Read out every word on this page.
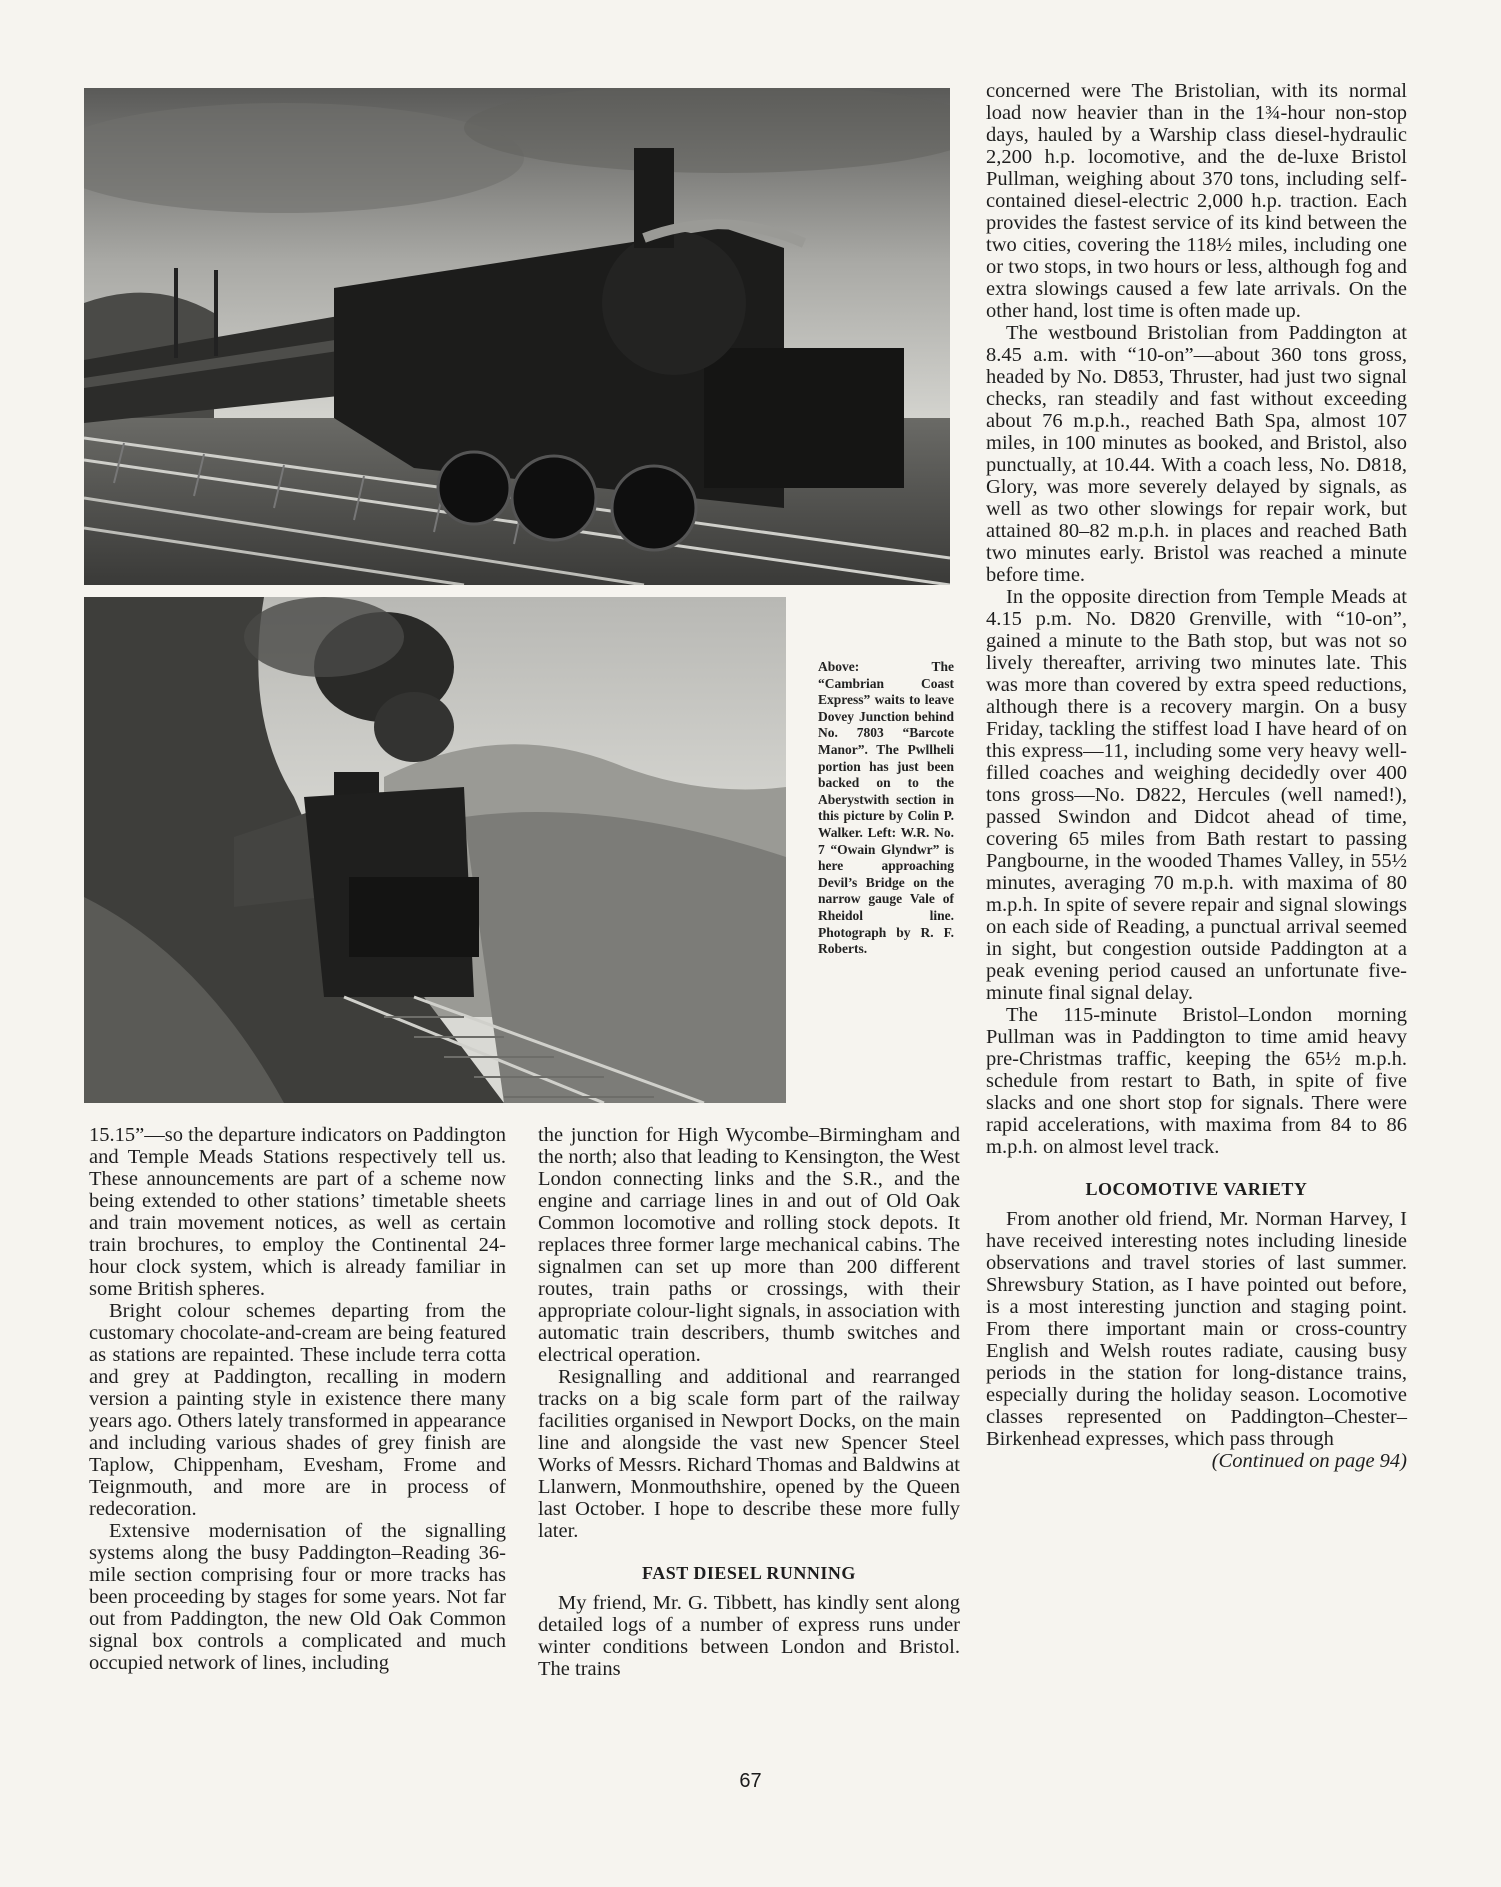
Above: The “Cambrian Coast Express” waits to leave Dovey Junction behind No. 7803 “Barcote Manor”. The Pwllheli portion has just been backed on to the Aberystwith section in this picture by Colin P. Walker. Left: W.R. No. 7 “Owain Glyndwr” is here approaching Devil’s Bridge on the narrow gauge Vale of Rheidol line. Photograph by R. F. Roberts.

15.15”—so the departure indicators on Paddington and Temple Meads Stations respectively tell us. These announcements are part of a scheme now being extended to other stations’ timetable sheets and train movement notices, as well as certain train brochures, to employ the Continental 24-hour clock system, which is already familiar in some British spheres.

Bright colour schemes departing from the customary chocolate-and-cream are being featured as stations are repainted. These include terra cotta and grey at Paddington, recalling in modern version a painting style in existence there many years ago. Others lately transformed in appearance and including various shades of grey finish are Taplow, Chippenham, Evesham, Frome and Teignmouth, and more are in process of redecoration.

Extensive modernisation of the signalling systems along the busy Paddington–Reading 36-mile section comprising four or more tracks has been proceeding by stages for some years. Not far out from Paddington, the new Old Oak Common signal box controls a complicated and much occupied network of lines, including

the junction for High Wycombe–Birmingham and the north; also that leading to Kensington, the West London connecting links and the S.R., and the engine and carriage lines in and out of Old Oak Common locomotive and rolling stock depots. It replaces three former large mechanical cabins. The signalmen can set up more than 200 different routes, train paths or crossings, with their appropriate colour-light signals, in association with automatic train describers, thumb switches and electrical operation.

Resignalling and additional and rearranged tracks on a big scale form part of the railway facilities organised in Newport Docks, on the main line and alongside the vast new Spencer Steel Works of Messrs. Richard Thomas and Baldwins at Llanwern, Monmouthshire, opened by the Queen last October. I hope to describe these more fully later.

FAST DIESEL RUNNING

My friend, Mr. G. Tibbett, has kindly sent along detailed logs of a number of express runs under winter conditions between London and Bristol. The trains

concerned were The Bristolian, with its normal load now heavier than in the 1¾-hour non-stop days, hauled by a Warship class diesel-hydraulic 2,200 h.p. locomotive, and the de-luxe Bristol Pullman, weighing about 370 tons, including self-contained diesel-electric 2,000 h.p. traction. Each provides the fastest service of its kind between the two cities, covering the 118½ miles, including one or two stops, in two hours or less, although fog and extra slowings caused a few late arrivals. On the other hand, lost time is often made up.

The westbound Bristolian from Paddington at 8.45 a.m. with “10-on”—about 360 tons gross, headed by No. D853, Thruster, had just two signal checks, ran steadily and fast without exceeding about 76 m.p.h., reached Bath Spa, almost 107 miles, in 100 minutes as booked, and Bristol, also punctually, at 10.44. With a coach less, No. D818, Glory, was more severely delayed by signals, as well as two other slowings for repair work, but attained 80–82 m.p.h. in places and reached Bath two minutes early. Bristol was reached a minute before time.

In the opposite direction from Temple Meads at 4.15 p.m. No. D820 Grenville, with “10-on”, gained a minute to the Bath stop, but was not so lively thereafter, arriving two minutes late. This was more than covered by extra speed reductions, although there is a recovery margin. On a busy Friday, tackling the stiffest load I have heard of on this express—11, including some very heavy well-filled coaches and weighing decidedly over 400 tons gross—No. D822, Hercules (well named!), passed Swindon and Didcot ahead of time, covering 65 miles from Bath restart to passing Pangbourne, in the wooded Thames Valley, in 55½ minutes, averaging 70 m.p.h. with maxima of 80 m.p.h. In spite of severe repair and signal slowings on each side of Reading, a punctual arrival seemed in sight, but congestion outside Paddington at a peak evening period caused an unfortunate five-minute final signal delay.

The 115-minute Bristol–London morning Pullman was in Paddington to time amid heavy pre-Christmas traffic, keeping the 65½ m.p.h. schedule from restart to Bath, in spite of five slacks and one short stop for signals. There were rapid accelerations, with maxima from 84 to 86 m.p.h. on almost level track.

LOCOMOTIVE VARIETY

From another old friend, Mr. Norman Harvey, I have received interesting notes including lineside observations and travel stories of last summer. Shrewsbury Station, as I have pointed out before, is a most interesting junction and staging point. From there important main or cross-country English and Welsh routes radiate, causing busy periods in the station for long-distance trains, especially during the holiday season. Locomotive classes represented on Paddington–Chester–Birkenhead expresses, which pass through

(Continued on page 94)

67
